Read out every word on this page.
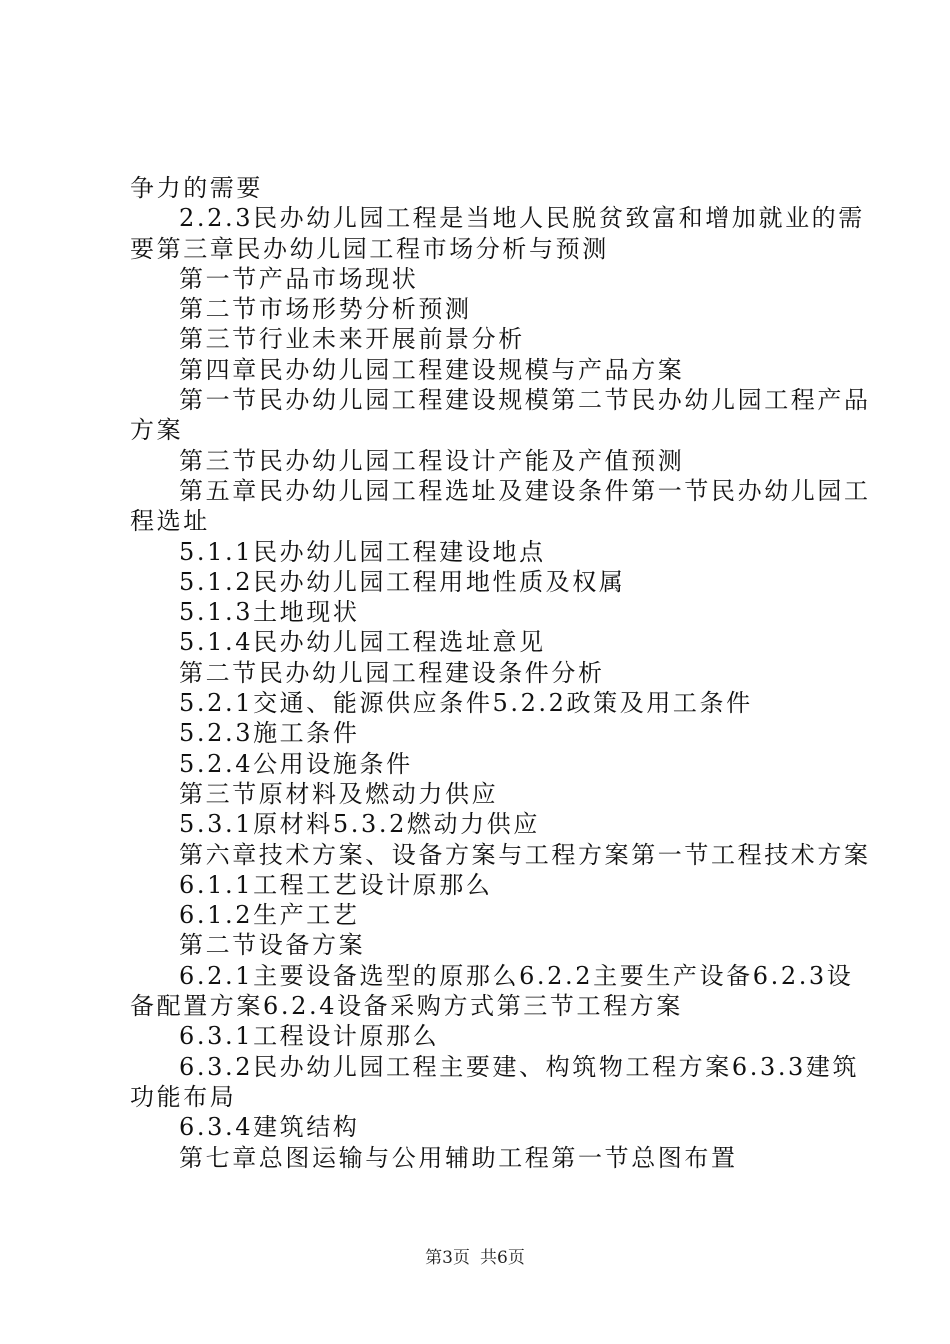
争力的需要
2.2.3民办幼儿园工程是当地人民脱贫致富和增加就业的需
要第三章民办幼儿园工程市场分析与预测
第一节产品市场现状
第二节市场形势分析预测
第三节行业未来开展前景分析
第四章民办幼儿园工程建设规模与产品方案
第一节民办幼儿园工程建设规模第二节民办幼儿园工程产品
方案
第三节民办幼儿园工程设计产能及产值预测
第五章民办幼儿园工程选址及建设条件第一节民办幼儿园工
程选址
5.1.1民办幼儿园工程建设地点
5.1.2民办幼儿园工程用地性质及权属
5.1.3土地现状
5.1.4民办幼儿园工程选址意见
第二节民办幼儿园工程建设条件分析
5.2.1交通、能源供应条件5.2.2政策及用工条件
5.2.3施工条件
5.2.4公用设施条件
第三节原材料及燃动力供应
5.3.1原材料5.3.2燃动力供应
第六章技术方案、设备方案与工程方案第一节工程技术方案
6.1.1工程工艺设计原那么
6.1.2生产工艺
第二节设备方案
6.2.1主要设备选型的原那么6.2.2主要生产设备6.2.3设
备配置方案6.2.4设备采购方式第三节工程方案
6.3.1工程设计原那么
6.3.2民办幼儿园工程主要建、构筑物工程方案6.3.3建筑
功能布局
6.3.4建筑结构
第七章总图运输与公用辅助工程第一节总图布置
第3页 共6页
